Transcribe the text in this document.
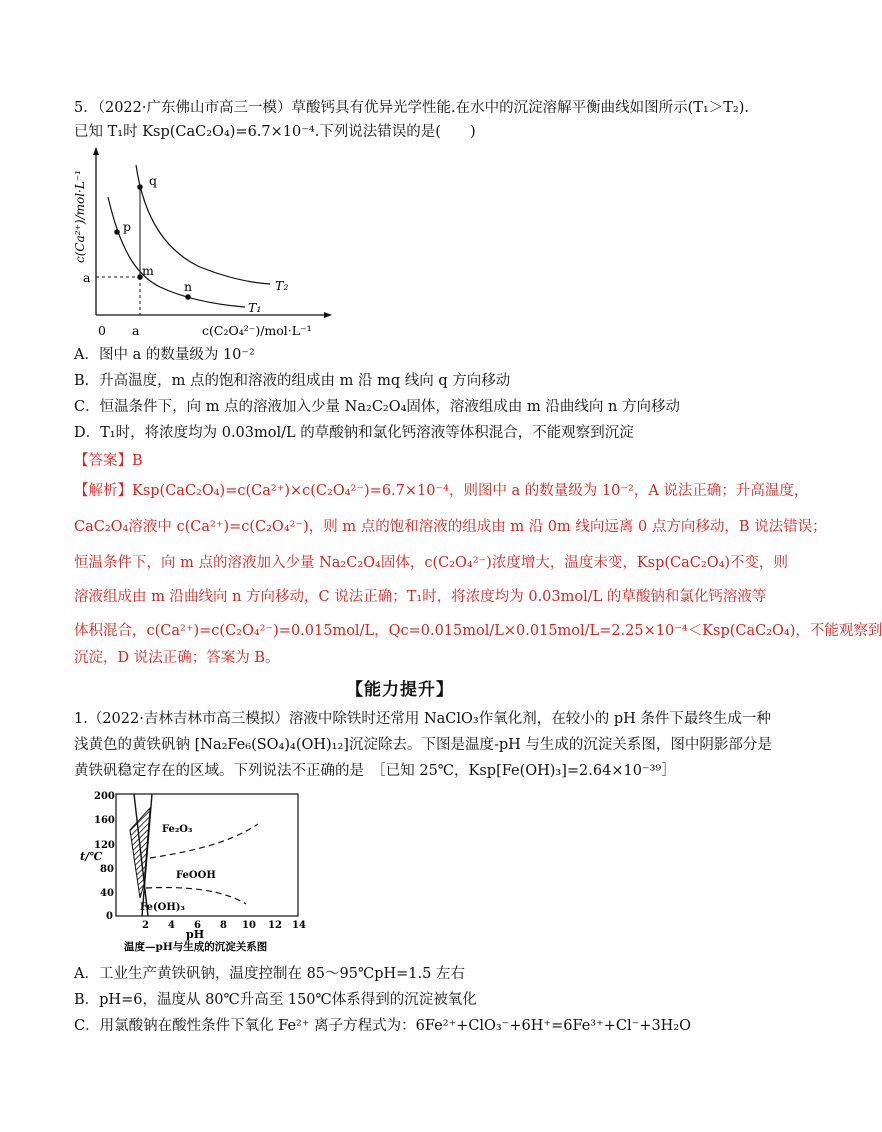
5．（2022·广东佛山市高三一模）草酸钙具有优异光学性能.在水中的沉淀溶解平衡曲线如图所示(T₁＞T₂).
已知 T₁时 Ksp(CaC₂O₄)=6.7×10⁻⁴.下列说法错误的是(　　)
c(Ca²⁺)/mol·L⁻¹
c(C₂O₄²⁻)/mol·L⁻¹
0 a
a
p
q
m
n
T₁
T₂
A．图中 a 的数量级为 10⁻²
B．升高温度，m 点的饱和溶液的组成由 m 沿 mq 线向 q 方向移动
C．恒温条件下，向 m 点的溶液加入少量 Na₂C₂O₄固体，溶液组成由 m 沿曲线向 n 方向移动
D．T₁时，将浓度均为 0.03mol/L 的草酸钠和氯化钙溶液等体积混合，不能观察到沉淀
【答案】B
【解析】Ksp(CaC₂O₄)=c(Ca²⁺)×c(C₂O₄²⁻)=6.7×10⁻⁴，则图中 a 的数量级为 10⁻²，A 说法正确；升高温度，
CaC₂O₄溶液中 c(Ca²⁺)=c(C₂O₄²⁻)，则 m 点的饱和溶液的组成由 m 沿 0m 线向远离 0 点方向移动，B 说法错误；
恒温条件下，向 m 点的溶液加入少量 Na₂C₂O₄固体，c(C₂O₄²⁻)浓度增大，温度未变，Ksp(CaC₂O₄)不变，则
溶液组成由 m 沿曲线向 n 方向移动，C 说法正确；T₁时，将浓度均为 0.03mol/L 的草酸钠和氯化钙溶液等
体积混合，c(Ca²⁺)=c(C₂O₄²⁻)=0.015mol/L，Qc=0.015mol/L×0.015mol/L=2.25×10⁻⁴＜Ksp(CaC₂O₄)，不能观察到
沉淀，D 说法正确；答案为 B。
【能力提升】
1.（2022·吉林吉林市高三模拟）溶液中除铁时还常用 NaClO₃作氧化剂，在较小的 pH 条件下最终生成一种
浅黄色的黄铁矾钠 [Na₂Fe₆(SO₄)₄(OH)₁₂]沉淀除去。下图是温度-pH 与生成的沉淀关系图，图中阴影部分是
黄铁矾稳定存在的区域。下列说法不正确的是　［已知 25℃，Ksp[Fe(OH)₃]=2.64×10⁻³⁹］
200
160
120
80
40
0
t/℃
2 4 6 8 10 12 14
pH
Fe₂O₃
FeOOH
Fe(OH)₃
温度—pH与生成的沉淀关系图
A．工业生产黄铁矾钠，温度控制在 85～95℃pH=1.5 左右
B．pH=6，温度从 80℃升高至 150℃体系得到的沉淀被氧化
C．用氯酸钠在酸性条件下氧化 Fe²⁺ 离子方程式为：6Fe²⁺+ClO₃⁻+6H⁺=6Fe³⁺+Cl⁻+3H₂O
